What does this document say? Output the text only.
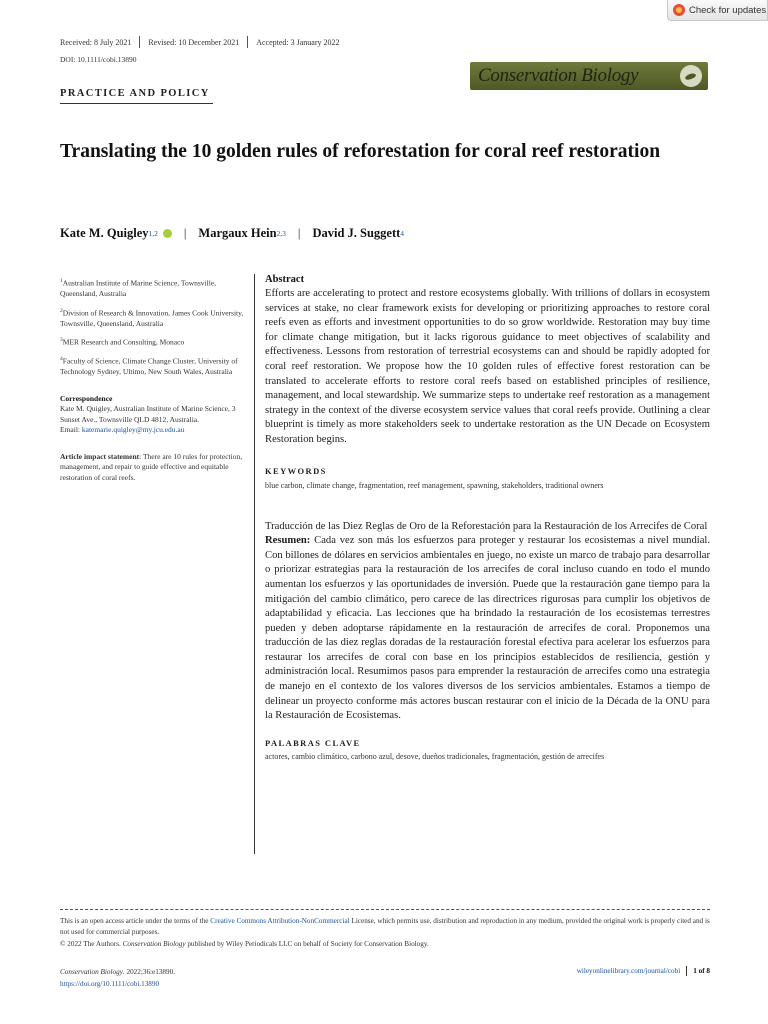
Check for updates
Received: 8 July 2021 Revised: 10 December 2021 Accepted: 3 January 2022
DOI: 10.1111/cobi.13890
Conservation Biology
PRACTICE AND POLICY
Translating the 10 golden rules of reforestation for coral reef restoration
Kate M. Quigley 1,2 | Margaux Hein 2,3 | David J. Suggett 4
$^1$Australian Institute of Marine Science, Townsville, Queensland, Australia
$^2$Division of Research & Innovation, James Cook University, Townsville, Queensland, Australia
$^3$MER Research and Consulting, Monaco
$^4$Faculty of Science, Climate Change Cluster, University of Technology Sydney, Ultimo, New South Wales, Australia
Correspondence
Kate M. Quigley, Australian Institute of Marine Science, 3 Sunset Ave., Townsville QLD 4812, Australia.
Email: katemarie.quigley@my.jcu.edu.au
Article impact statement: There are 10 rules for protection, management, and repair to guide effective and equitable restoration of coral reefs.
Abstract

Efforts are accelerating to protect and restore ecosystems globally. With trillions of dollars in ecosystem services at stake, no clear framework exists for developing or prioritizing approaches to restore coral reefs even as efforts and investment opportunities to do so grow worldwide. Restoration may buy time for climate change mitigation, but it lacks rigorous guidance to meet objectives of scalability and effectiveness. Lessons from restoration of terrestrial ecosystems can and should be rapidly adopted for coral reef restoration. We propose how the 10 golden rules of effective forest restoration can be translated to accelerate efforts to restore coral reefs based on established principles of resilience, management, and local stewardship. We summarize steps to undertake reef restoration as a management strategy in the context of the diverse ecosystem service values that coral reefs provide. Outlining a clear blueprint is timely as more stakeholders seek to undertake restoration as the UN Decade on Ecosystem Restoration begins.

KEYWORDS
blue carbon, climate change, fragmentation, reef management, spawning, stakeholders, traditional owners

Traducción de las Diez Reglas de Oro de la Reforestación para la Restauración de los Arrecifes de Coral

Resumen: Cada vez son más los esfuerzos para proteger y restaurar los ecosistemas a nivel mundial. Con billones de dólares en servicios ambientales en juego, no existe un marco de trabajo para desarrollar o priorizar estrategias para la restauración de los arrecifes de coral incluso cuando en todo el mundo aumentan los esfuerzos y las oportunidades de inversión. Puede que la restauración gane tiempo para la mitigación del cambio climático, pero carece de las directrices rigurosas para cumplir los objetivos de adaptabilidad y eficacia. Las lecciones que ha brindado la restauración de los ecosistemas terrestres pueden y deben adoptarse rápidamente en la restauración de arrecifes de coral. Proponemos una traducción de las diez reglas doradas de la restauración forestal efectiva para acelerar los esfuerzos para restaurar los arrecifes de coral con base en los principios establecidos de resiliencia, gestión y administración local. Resumimos pasos para emprender la restauración de arrecifes como una estrategia de manejo en el contexto de los valores diversos de los servicios ambientales. Estamos a tiempo de delinear un proyecto conforme más actores buscan restaurar con el inicio de la Década de la ONU para la Restauración de Ecosistemas.

PALABRAS CLAVE
actores, cambio climático, carbono azul, desove, dueños tradicionales, fragmentación, gestión de arrecifes
This is an open access article under the terms of the Creative Commons Attribution-NonCommercial License, which permits use, distribution and reproduction in any medium, provided the original work is properly cited and is not used for commercial purposes.
© 2022 The Authors. Conservation Biology published by Wiley Periodicals LLC on behalf of Society for Conservation Biology.
Conservation Biology. 2022;36:e13890.
https://doi.org/10.1111/cobi.13890
wileyonlinelibrary.com/journal/cobi 1 of 8
